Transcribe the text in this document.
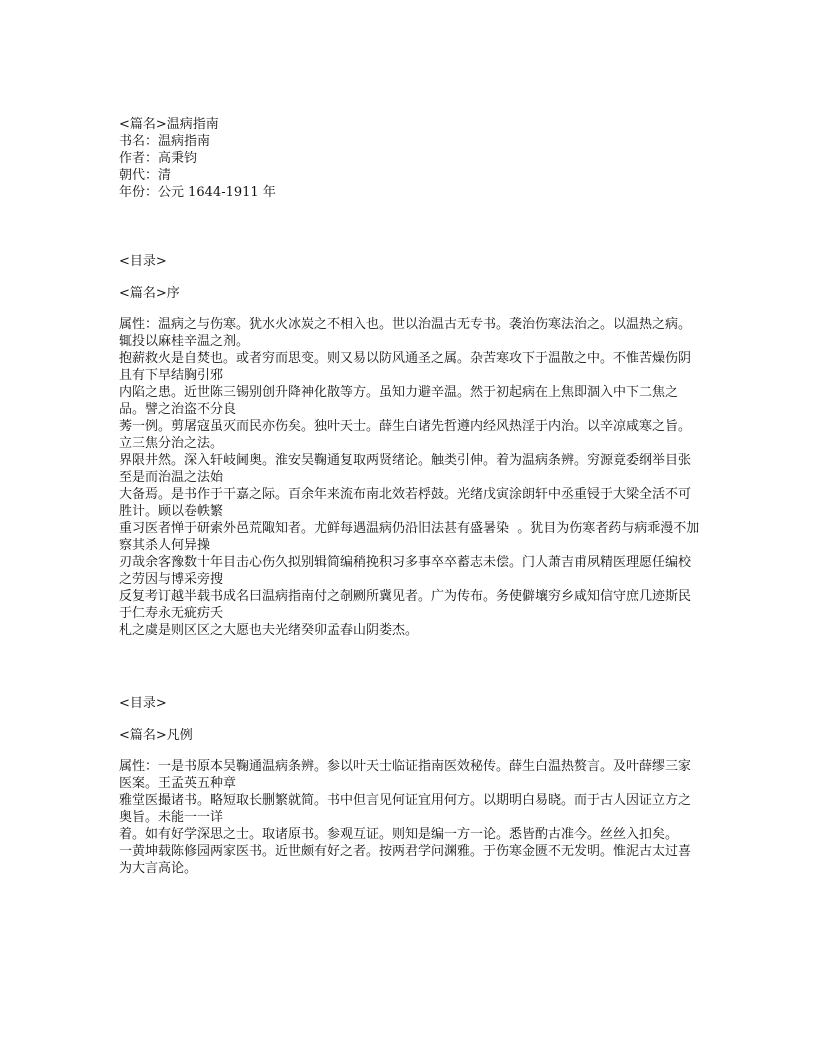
<篇名>温病指南
书名：温病指南
作者：高秉钧
朝代：清
年份：公元 1644-1911 年
<目录>
<篇名>序
属性：温病之与伤寒。犹水火冰炭之不相入也。世以治温古无专书。袭治伤寒法治之。以温热之病。辄投以麻桂辛温之剂。
抱薪救火是自焚也。或者穷而思变。则又易以防风通圣之属。杂苦寒攻下于温散之中。不惟苦燥伤阴且有下早结胸引邪
内陷之患。近世陈三锡别创升降神化散等方。虽知力避辛温。然于初起病在上焦即涸入中下二焦之品。譬之治盗不分良
莠一例。剪屠寇虽灭而民亦伤矣。独叶天士。薛生白诸先哲遵内经风热淫于内治。以辛凉咸寒之旨。立三焦分治之法。
界限井然。深入轩岐阃奥。淮安吴鞠通复取两贤绪论。触类引伸。着为温病条辨。穷源竟委纲举目张至是而治温之法始
大备焉。是书作于干嘉之际。百余年来流布南北效若桴鼓。光绪戊寅涂朗轩中丞重锓于大梁全活不可胜计。顾以卷帙繁
重习医者惮于研索外邑荒陬知者。尤鲜每遇温病仍沿旧法甚有盛暑染  。犹目为伤寒者药与病乖漫不加察其杀人何异操
刃哉余客豫数十年目击心伤久拟别辑简编稍挽积习多事卒卒蓄志未偿。门人萧吉甫夙精医理愿任编校之劳因与博采旁搜
反复考订越半载书成名曰温病指南付之剞劂所冀见者。广为传布。务使僻壤穷乡咸知信守庶几迹斯民于仁寿永无疵疠夭
札之虞是则区区之大愿也夫光绪癸卯孟春山阴娄杰。
<目录>
<篇名>凡例
属性：一是书原本吴鞠通温病条辨。参以叶天士临证指南医效秘传。薛生白温热赘言。及叶薛缪三家医案。王孟英五种章
雅堂医撮诸书。略短取长删繁就简。书中但言见何证宜用何方。以期明白易晓。而于古人因证立方之奥旨。未能一一详
着。如有好学深思之士。取诸原书。参观互证。则知是编一方一论。悉皆酌古准今。丝丝入扣矣。
一黄坤载陈修园两家医书。近世颇有好之者。按两君学问渊雅。于伤寒金匮不无发明。惟泥古太过喜为大言高论。
